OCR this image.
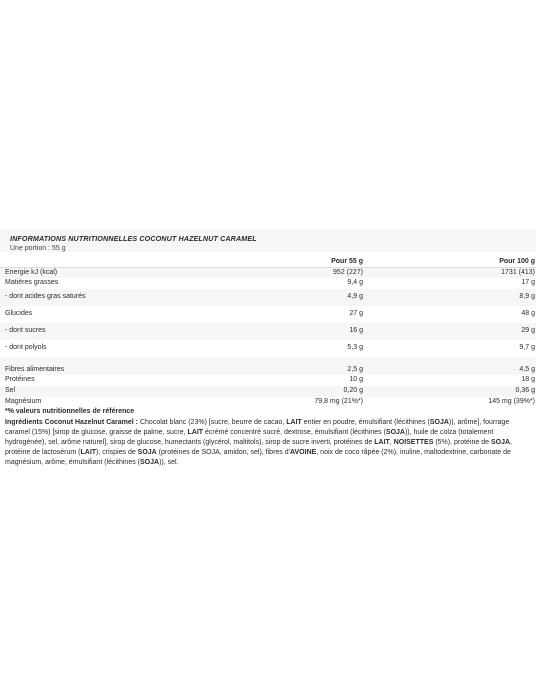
INFORMATIONS NUTRITIONNELLES COCONUT HAZELNUT CARAMEL
Une portion : 55 g
	Pour 55 g	Pour 100 g
Energie kJ (kcal)	952 (227)	1731 (413)
Matières grasses	9,4 g	17 g
- dont acides gras saturés	4,9 g	8,9 g
Glucides	27 g	48 g
- dont sucres	16 g	29 g
- dont polyols	5,3 g	9,7 g
Fibres alimentaires	2,5 g	4,5 g
Protéines	10 g	18 g
Sel	0,20 g	0,36 g
Magnésium	79,8 mg (21%*)	145 mg (39%*)
*% valeurs nutritionnelles de référence
Ingrédients Coconut Hazelnut Caramel : Chocolat blanc (23%) [sucre, beurre de cacao, LAIT entier en poudre, émulsifiant (lécithines (SOJA)), arôme], fourrage caramel (15%) [sirop de glucose, graisse de palme, sucre, LAIT écrémé concentré sucré, dextrose, émulsifiant (lécithines (SOJA)), huile de colza (totalement hydrogénée), sel, arôme naturel], sirop de glucose, humectants (glycérol, maltitols), sirop de sucre inverti, protéines de LAIT, NOISETTES (5%), protéine de SOJA, protéine de lactosérum (LAIT), crispies de SOJA (protéines de SOJA, amidon, sel), fibres d'AVOINE, noix de coco râpée (2%), inuline, maltodextrine, carbonate de magnésium, arôme, émulsifiant (lécithines (SOJA)), sel.
